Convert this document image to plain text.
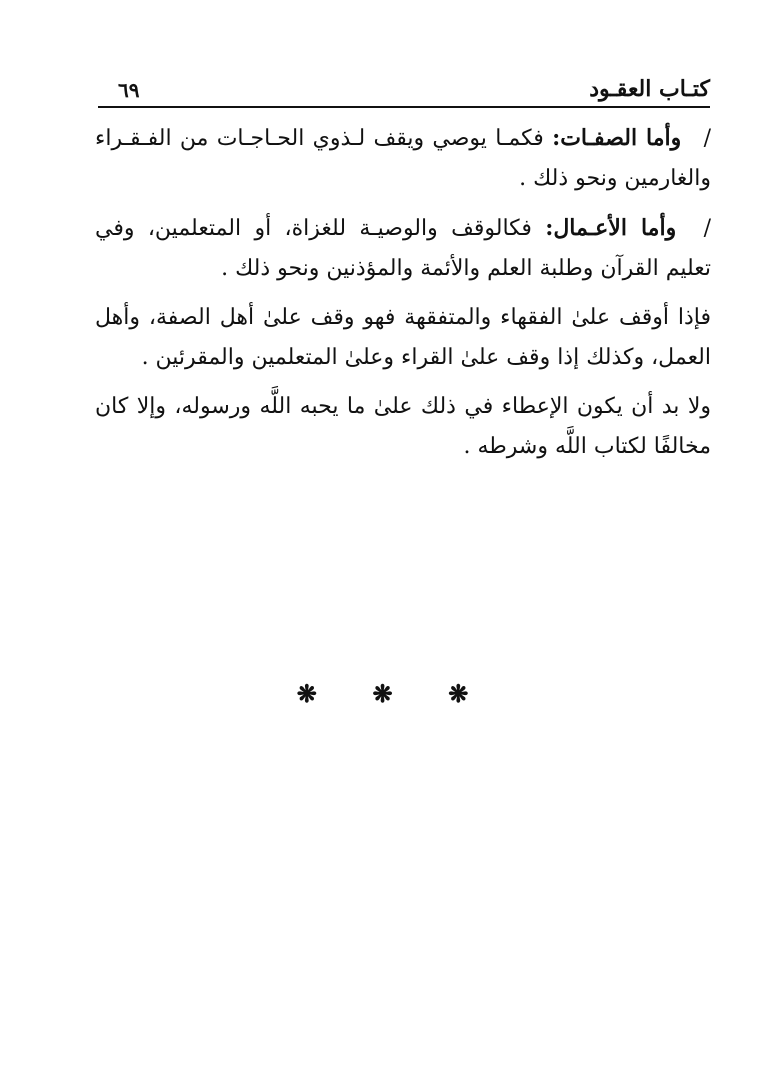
كتـاب العقـود
٦٩

/ وأما الصفـات: فكمـا يوصي ويقف لـذوي الحـاجـات من الفـقـراء والغارمين ونحو ذلك .

/ وأما الأعـمال: فكالوقف والوصيـة للغزاة، أو المتعلمين، وفي تعليم القرآن وطلبة العلم والأئمة والمؤذنين ونحو ذلك .

فإذا أوقف علىٰ الفقهاء والمتفقهة فهو وقف علىٰ أهل الصفة، وأهل العمل، وكذلك إذا وقف علىٰ القراء وعلىٰ المتعلمين والمقرئين .

ولا بد أن يكون الإعطاء في ذلك علىٰ ما يحبه اللَّه ورسوله، وإلا كان مخالفًا لكتاب اللَّه وشرطه .

❋ ❋ ❋
